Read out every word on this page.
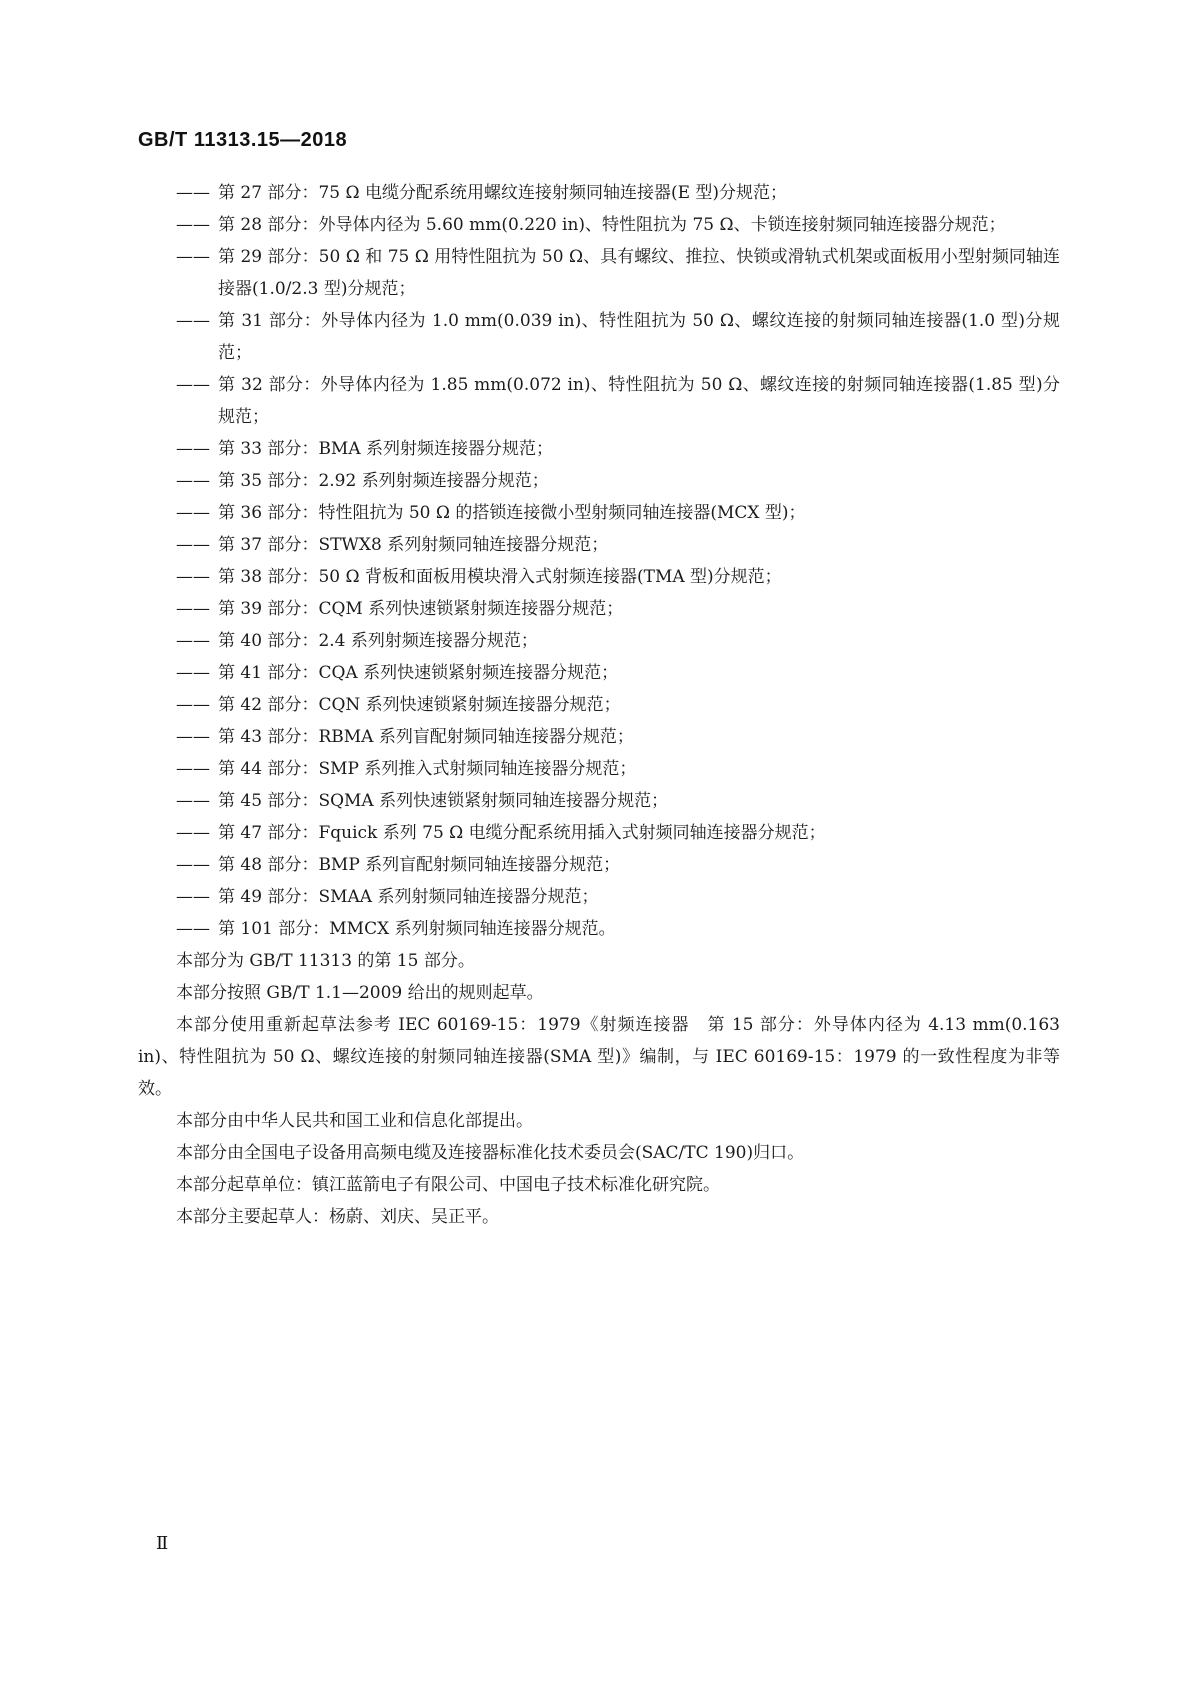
GB/T 11313.15—2018

—— 第 27 部分：75 Ω 电缆分配系统用螺纹连接射频同轴连接器(E 型)分规范；

—— 第 28 部分：外导体内径为 5.60 mm(0.220 in)、特性阻抗为 75 Ω、卡锁连接射频同轴连接器分规范；

—— 第 29 部分：50 Ω 和 75 Ω 用特性阻抗为 50 Ω、具有螺纹、推拉、快锁或滑轨式机架或面板用小型射频同轴连接器(1.0/2.3 型)分规范；

—— 第 31 部分：外导体内径为 1.0 mm(0.039 in)、特性阻抗为 50 Ω、螺纹连接的射频同轴连接器(1.0 型)分规范；

—— 第 32 部分：外导体内径为 1.85 mm(0.072 in)、特性阻抗为 50 Ω、螺纹连接的射频同轴连接器(1.85 型)分规范；

—— 第 33 部分：BMA 系列射频连接器分规范；

—— 第 35 部分：2.92 系列射频连接器分规范；

—— 第 36 部分：特性阻抗为 50 Ω 的搭锁连接微小型射频同轴连接器(MCX 型)；

—— 第 37 部分：STWX8 系列射频同轴连接器分规范；

—— 第 38 部分：50 Ω 背板和面板用模块滑入式射频连接器(TMA 型)分规范；

—— 第 39 部分：CQM 系列快速锁紧射频连接器分规范；

—— 第 40 部分：2.4 系列射频连接器分规范；

—— 第 41 部分：CQA 系列快速锁紧射频连接器分规范；

—— 第 42 部分：CQN 系列快速锁紧射频连接器分规范；

—— 第 43 部分：RBMA 系列盲配射频同轴连接器分规范；

—— 第 44 部分：SMP 系列推入式射频同轴连接器分规范；

—— 第 45 部分：SQMA 系列快速锁紧射频同轴连接器分规范；

—— 第 47 部分：Fquick 系列 75 Ω 电缆分配系统用插入式射频同轴连接器分规范；

—— 第 48 部分：BMP 系列盲配射频同轴连接器分规范；

—— 第 49 部分：SMAA 系列射频同轴连接器分规范；

—— 第 101 部分：MMCX 系列射频同轴连接器分规范。

本部分为 GB/T 11313 的第 15 部分。

本部分按照 GB/T 1.1—2009 给出的规则起草。

本部分使用重新起草法参考 IEC 60169-15：1979《射频连接器　第 15 部分：外导体内径为 4.13 mm(0.163 in)、特性阻抗为 50 Ω、螺纹连接的射频同轴连接器(SMA 型)》编制，与 IEC 60169-15：1979 的一致性程度为非等效。

本部分由中华人民共和国工业和信息化部提出。

本部分由全国电子设备用高频电缆及连接器标准化技术委员会(SAC/TC 190)归口。

本部分起草单位：镇江蓝箭电子有限公司、中国电子技术标准化研究院。

本部分主要起草人：杨蔚、刘庆、吴正平。

Ⅱ
